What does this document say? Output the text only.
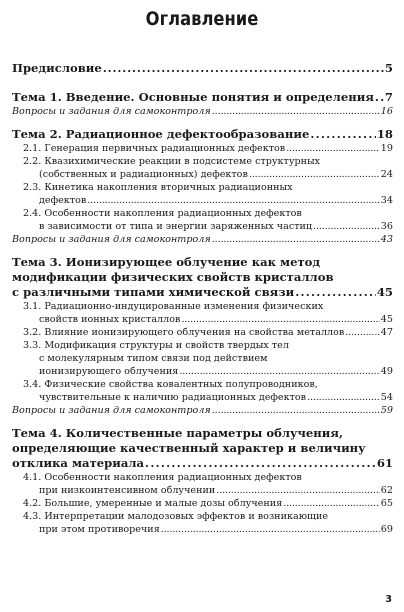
Оглавление
Предисловие . . .	5
Тема 1. Введение. Основные понятия и определения . . . 7
Вопросы и задания для самоконтроля . . .	16
Тема 2. Радиационное дефектообразование . . .	18
2.1. Генерация первичных радиационных дефектов . . .	19
2.2. Квазихимические реакции в подсистеме структурных
(собственных и радиационных) дефектов . . .	24
2.3. Кинетика накопления вторичных радиационных
дефектов . . .	34
2.4. Особенности накопления радиационных дефектов
в зависимости от типа и энергии заряженных частиц . . .	36
Вопросы и задания для самоконтроля . . .	43
Тема 3. Ионизирующее облучение как метод
модификации физических свойств кристаллов
с различными типами химической связи . . .	45
3.1. Радиационно-индуцированные изменения физических
свойств ионных кристаллов . . .	45
3.2. Влияние ионизирующего облучения на свойства металлов . . .	47
3.3. Модификация структуры и свойств твердых тел
с молекулярным типом связи под действием
ионизирующего облучения . . .	49
3.4. Физические свойства ковалентных полупроводников,
чувствительные к наличию радиационных дефектов . . .	54
Вопросы и задания для самоконтроля . . .	59
Тема 4. Количественные параметры облучения,
определяющие качественный характер и величину
отклика материала . . .	61
4.1. Особенности накопления радиационных дефектов
при низкоинтенсивном облучении . . .	62
4.2. Большие, умеренные и малые дозы облучения . . .	65
4.3. Интерпретации малодозовых эффектов и возникающие
при этом противоречия . . .	69
3
